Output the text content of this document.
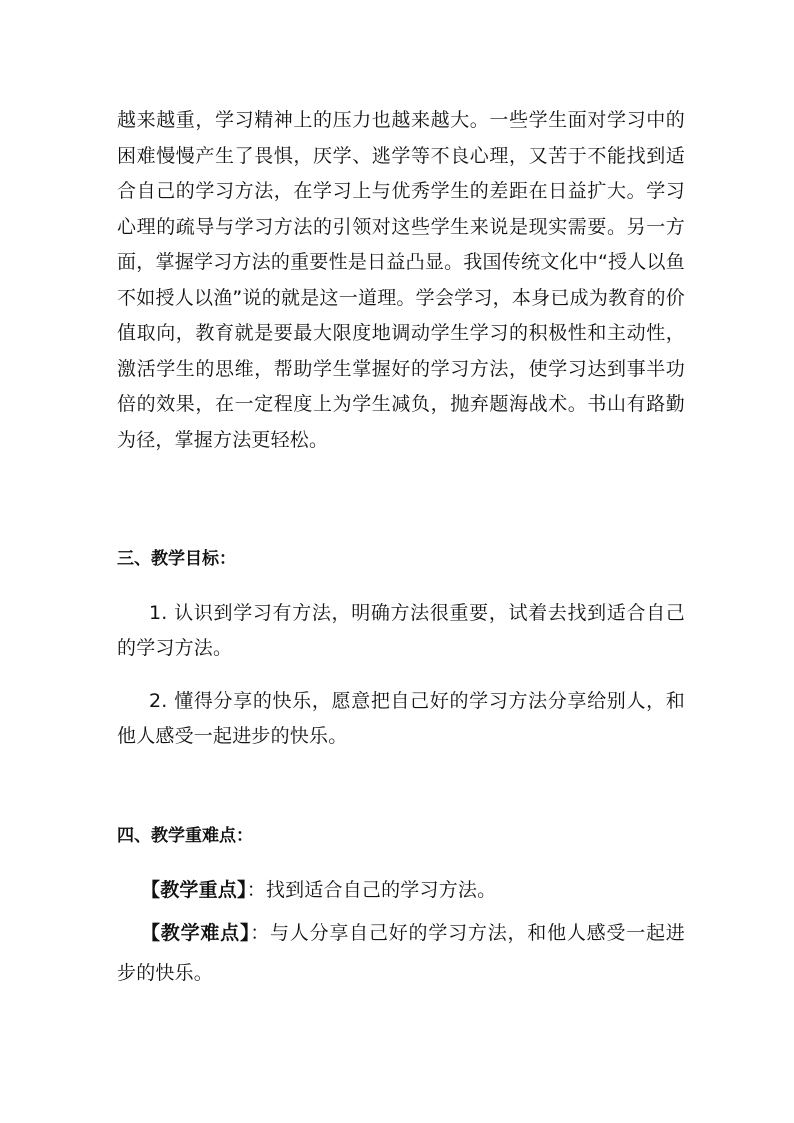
越来越重，学习精神上的压力也越来越大。一些学生面对学习中的困难慢慢产生了畏惧，厌学、逃学等不良心理，又苦于不能找到适合自己的学习方法，在学习上与优秀学生的差距在日益扩大。学习心理的疏导与学习方法的引领对这些学生来说是现实需要。另一方面，掌握学习方法的重要性是日益凸显。我国传统文化中“授人以鱼不如授人以渔”说的就是这一道理。学会学习，本身已成为教育的价值取向，教育就是要最大限度地调动学生学习的积极性和主动性，激活学生的思维，帮助学生掌握好的学习方法，使学习达到事半功倍的效果，在一定程度上为学生减负，抛弃题海战术。书山有路勤为径，掌握方法更轻松。

三、教学目标：

1. 认识到学习有方法，明确方法很重要，试着去找到适合自己的学习方法。

2. 懂得分享的快乐，愿意把自己好的学习方法分享给别人，和他人感受一起进步的快乐。

四、教学重难点：

【教学重点】：找到适合自己的学习方法。

【教学难点】：与人分享自己好的学习方法，和他人感受一起进步的快乐。
